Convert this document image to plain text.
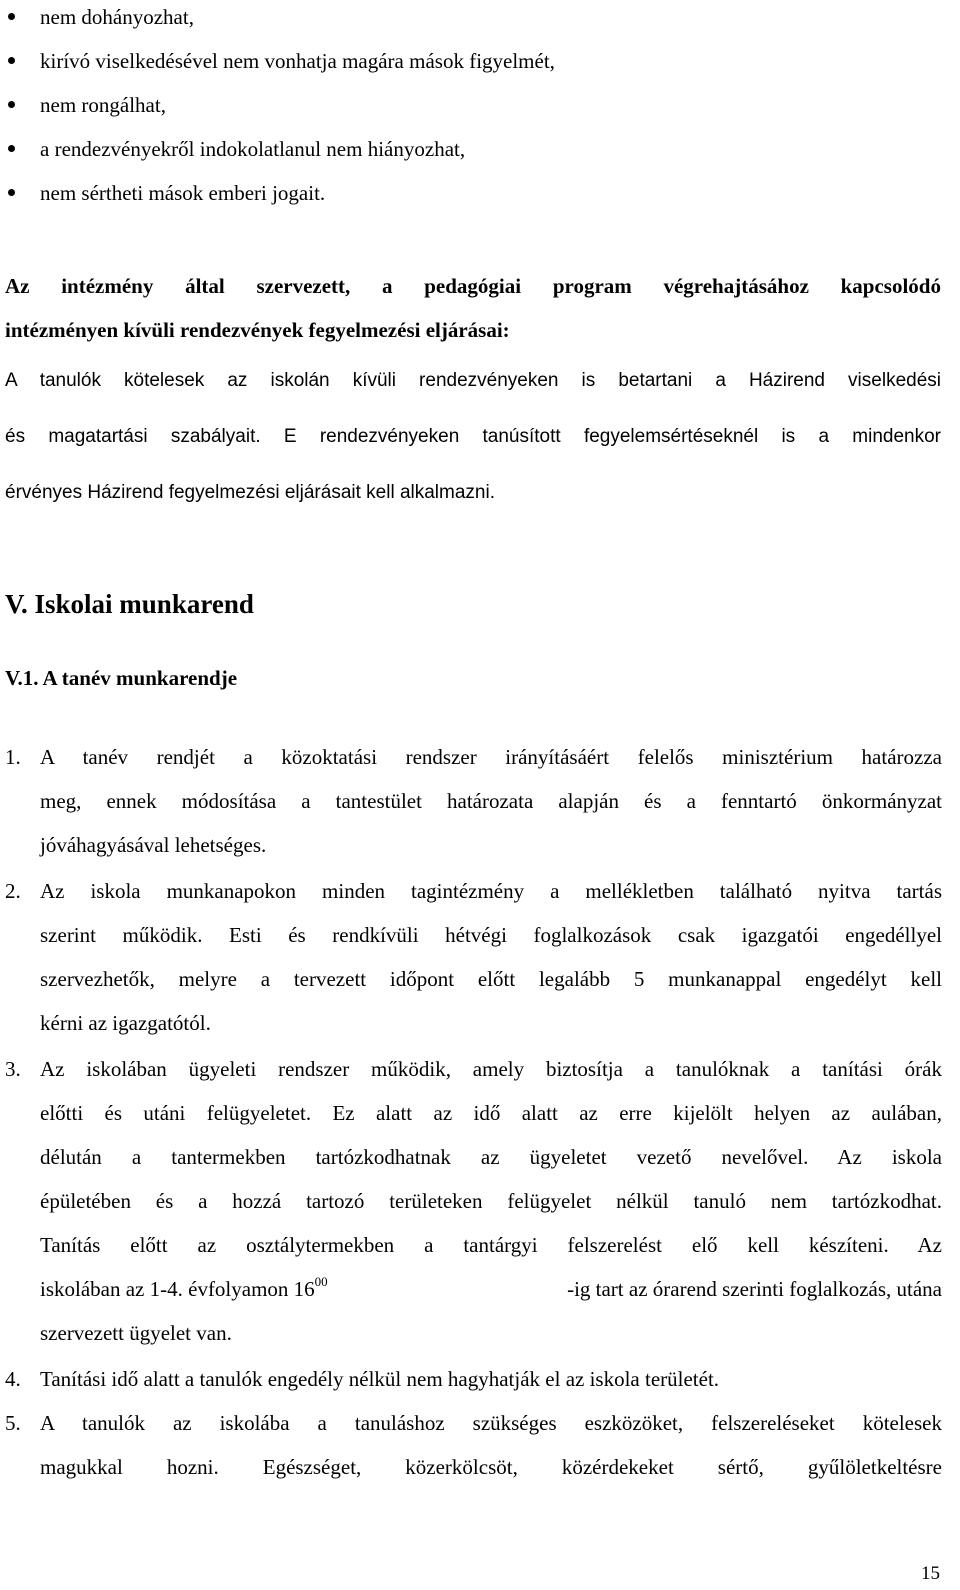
nem dohányozhat,
kirívó viselkedésével nem vonhatja magára mások figyelmét,
nem rongálhat,
a rendezvényekről indokolatlanul nem hiányozhat,
nem sértheti mások emberi jogait.
Az intézmény által szervezett, a pedagógiai program végrehajtásához kapcsolódó
intézményen kívüli rendezvények fegyelmezési eljárásai:
A tanulók kötelesek az iskolán kívüli rendezvényeken is betartani a Házirend viselkedési
és magatartási szabályait. E rendezvényeken tanúsított fegyelemsértéseknél is a mindenkor
érvényes Házirend fegyelmezési eljárásait kell alkalmazni.
V. Iskolai munkarend
V.1. A tanév munkarendje
1. A tanév rendjét a közoktatási rendszer irányításáért felelős minisztérium határozza
meg, ennek módosítása a tantestület határozata alapján és a fenntartó önkormányzat
jóváhagyásával lehetséges.
2. Az iskola munkanapokon minden tagintézmény a mellékletben található nyitva tartás
szerint működik. Esti és rendkívüli hétvégi foglalkozások csak igazgatói engedéllyel
szervezhetők, melyre a tervezett időpont előtt legalább 5 munkanappal engedélyt kell
kérni az igazgatótól.
3. Az iskolában ügyeleti rendszer működik, amely biztosítja a tanulóknak a tanítási órák
előtti és utáni felügyeletet. Ez alatt az idő alatt az erre kijelölt helyen az aulában,
délután a tantermekben tartózkodhatnak az ügyeletet vezető nevelővel. Az iskola
épületében és a hozzá tartozó területeken felügyelet nélkül tanuló nem tartózkodhat.
Tanítás előtt az osztálytermekben a tantárgyi felszerelést elő kell készíteni. Az
iskolában az 1-4. évfolyamon $16^{00}$	-ig tart az órarend szerinti foglalkozás, utána
szervezett ügyelet van.
4. Tanítási idő alatt a tanulók engedély nélkül nem hagyhatják el az iskola területét.
5. A tanulók az iskolába a tanuláshoz szükséges eszközöket, felszereléseket kötelesek
magukkal hozni. Egészséget, közerkölcsöt, közérdekeket sértő, gyűlöletkeltésre
15
